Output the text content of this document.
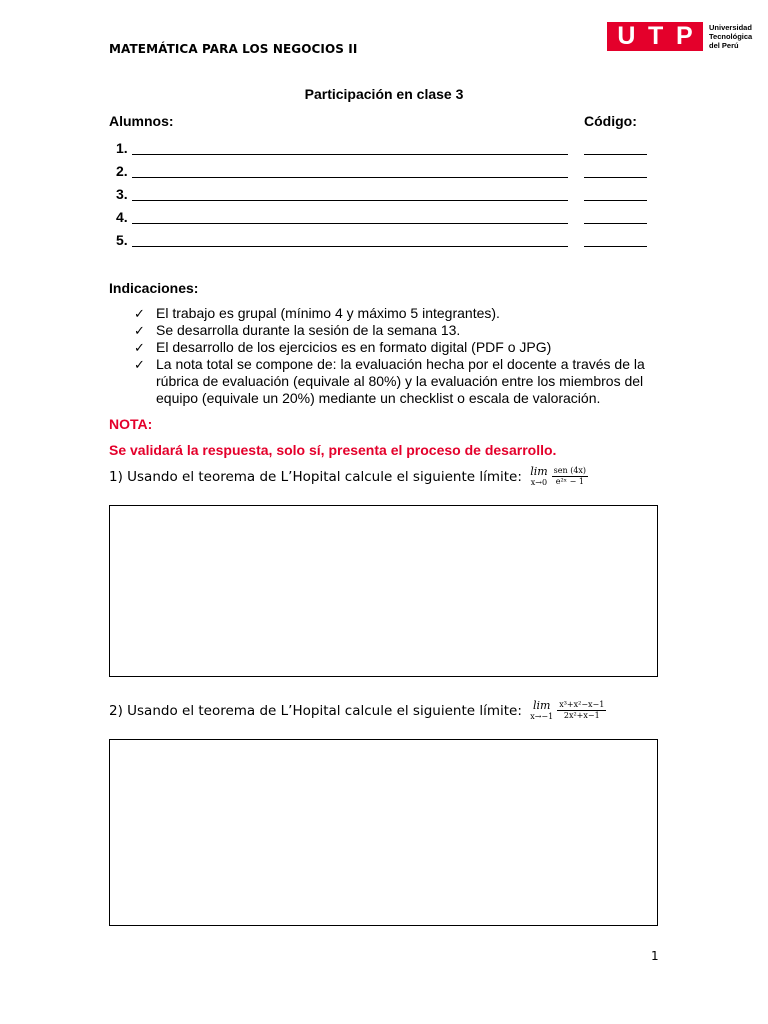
MATEMÁTICA PARA LOS NEGOCIOS II	U T P Universidad
Tecnológica
del Perú
Participación en clase 3
Alumnos:	Código:
1.
2.
3.
4.
5.
Indicaciones:
✓ El trabajo es grupal (mínimo 4 y máximo 5 integrantes).
✓ Se desarrolla durante la sesión de la semana 13.
✓ El desarrollo de los ejercicios es en formato digital (PDF o JPG)
✓ La nota total se compone de: la evaluación hecha por el docente a través de la rúbrica de evaluación (equivale al 80%) y la evaluación entre los miembros del equipo (equivale un 20%) mediante un checklist o escala de valoración.
NOTA:
Se validará la respuesta, solo sí, presenta el proceso de desarrollo.
1) Usando el teorema de L’Hopital calcule el siguiente límite: lim
$x\to 0 \frac{\text{sen (4x)}}{\text{e²ˣ − 1}}$
2) Usando el teorema de L’Hopital calcule el siguiente límite: lim
$x\to-1 \frac{\text{x³+x²−x−1}}{\text{2x²+x−1}}$
1
